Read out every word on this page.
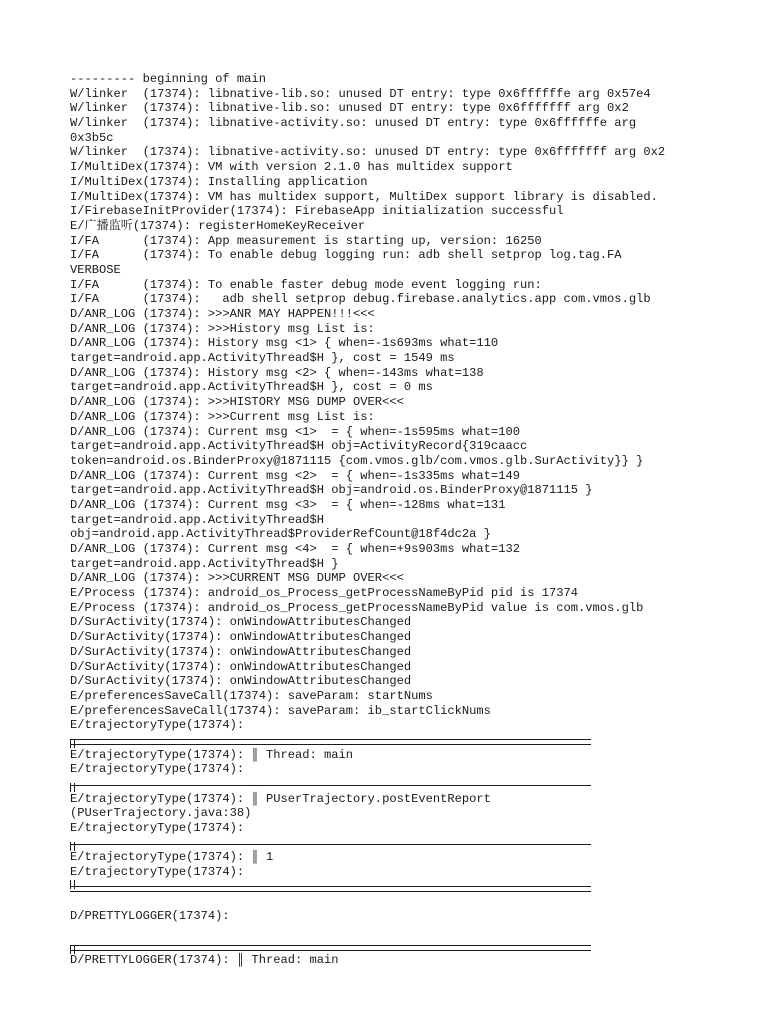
--------- beginning of main
W/linker  (17374): libnative-lib.so: unused DT entry: type 0x6ffffffe arg 0x57e4
W/linker  (17374): libnative-lib.so: unused DT entry: type 0x6fffffff arg 0x2
W/linker  (17374): libnative-activity.so: unused DT entry: type 0x6ffffffe arg
0x3b5c
W/linker  (17374): libnative-activity.so: unused DT entry: type 0x6fffffff arg 0x2
I/MultiDex(17374): VM with version 2.1.0 has multidex support
I/MultiDex(17374): Installing application
I/MultiDex(17374): VM has multidex support, MultiDex support library is disabled.
I/FirebaseInitProvider(17374): FirebaseApp initialization successful
E/广播监听(17374): registerHomeKeyReceiver
I/FA      (17374): App measurement is starting up, version: 16250
I/FA      (17374): To enable debug logging run: adb shell setprop log.tag.FA
VERBOSE
I/FA      (17374): To enable faster debug mode event logging run:
I/FA      (17374):   adb shell setprop debug.firebase.analytics.app com.vmos.glb
D/ANR_LOG (17374): >>>ANR MAY HAPPEN!!!<<<
D/ANR_LOG (17374): >>>History msg List is:
D/ANR_LOG (17374): History msg <1> { when=-1s693ms what=110
target=android.app.ActivityThread$H }, cost = 1549 ms
D/ANR_LOG (17374): History msg <2> { when=-143ms what=138
target=android.app.ActivityThread$H }, cost = 0 ms
D/ANR_LOG (17374): >>>HISTORY MSG DUMP OVER<<<
D/ANR_LOG (17374): >>>Current msg List is:
D/ANR_LOG (17374): Current msg <1>  = { when=-1s595ms what=100
target=android.app.ActivityThread$H obj=ActivityRecord{319caacc
token=android.os.BinderProxy@1871115 {com.vmos.glb/com.vmos.glb.SurActivity}} }
D/ANR_LOG (17374): Current msg <2>  = { when=-1s335ms what=149
target=android.app.ActivityThread$H obj=android.os.BinderProxy@1871115 }
D/ANR_LOG (17374): Current msg <3>  = { when=-128ms what=131
target=android.app.ActivityThread$H
obj=android.app.ActivityThread$ProviderRefCount@18f4dc2a }
D/ANR_LOG (17374): Current msg <4>  = { when=+9s903ms what=132
target=android.app.ActivityThread$H }
D/ANR_LOG (17374): >>>CURRENT MSG DUMP OVER<<<
E/Process (17374): android_os_Process_getProcessNameByPid pid is 17374
E/Process (17374): android_os_Process_getProcessNameByPid value is com.vmos.glb
D/SurActivity(17374): onWindowAttributesChanged
D/SurActivity(17374): onWindowAttributesChanged
D/SurActivity(17374): onWindowAttributesChanged
D/SurActivity(17374): onWindowAttributesChanged
D/SurActivity(17374): onWindowAttributesChanged
E/preferencesSaveCall(17374): saveParam: startNums
E/preferencesSaveCall(17374): saveParam: ib_startClickNums
E/trajectoryType(17374):
E/trajectoryType(17374): ║ Thread: main
E/trajectoryType(17374):
E/trajectoryType(17374): ║ PUserTrajectory.postEventReport
(PUserTrajectory.java:38)
E/trajectoryType(17374):
E/trajectoryType(17374): ║ 1
E/trajectoryType(17374):
D/PRETTYLOGGER(17374):
D/PRETTYLOGGER(17374): ║ Thread: main
